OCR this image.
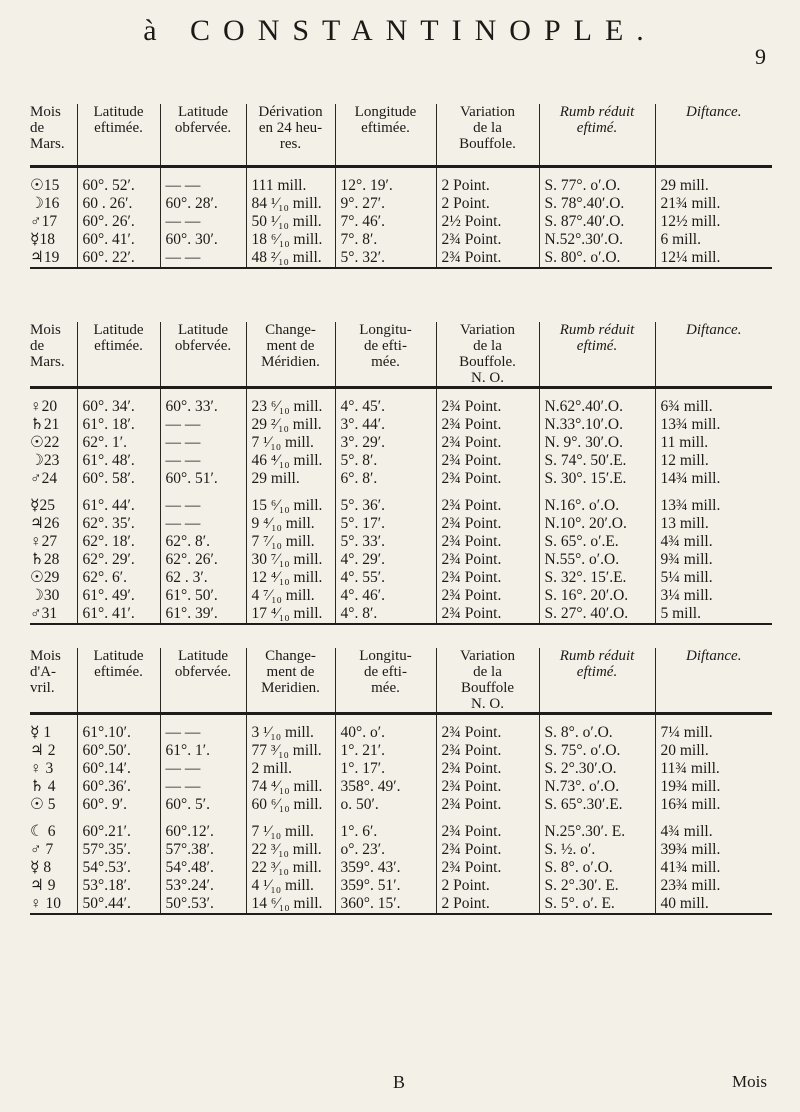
à CONSTANTINOPLE.
9
Mois
de
Mars.	Latitude
eftimée.	Latitude
obfervée.	Dérivation
en 24 heu-
res.	Longitude
eftimée.	Variation
de la
Bouffole.	Rumb réduit
eftimé.	Diftance.

☉15	60°. 52′.	— —	111 mill.	12°. 19′.	2 Point.	S. 77°. o′.O.	29 mill.
☽16	60 . 26′.	60°. 28′.	84 ¹⁄₁₀ mill.	9°. 27′.	2 Point.	S. 78°.40′.O.	21¾ mill.
♂17	60°. 26′.	— —	50 ¹⁄₁₀ mill.	7°. 46′.	2½ Point.	S. 87°.40′.O.	12½ mill.
☿18	60°. 41′.	60°. 30′.	18 ⁶⁄₁₀ mill.	7°. 8′.	2¾ Point.	N.52°.30′.O.	6 mill.
♃19	60°. 22′.	— —	48 ²⁄₁₀ mill.	5°. 32′.	2¾ Point.	S. 80°. o′.O.	12¼ mill.
Mois
de
Mars.	Latitude
eftimée.	Latitude
obfervée.	Change-
ment de
Méridien.	Longitu-
de efti-
mée.	Variation
de la
Bouffole.
N. O.	Rumb réduit
eftimé.	Diftance.

♀20	60°. 34′.	60°. 33′.	23 ⁶⁄₁₀ mill.	4°. 45′.	2¾ Point.	N.62°.40′.O.	6¾ mill.
♄21	61°. 18′.	— —	29 ²⁄₁₀ mill.	3°. 44′.	2¾ Point.	N.33°.10′.O.	13¾ mill.
☉22	62°. 1′.	— —	7 ¹⁄₁₀ mill.	3°. 29′.	2¾ Point.	N. 9°. 30′.O.	11 mill.
☽23	61°. 48′.	— —	46 ⁴⁄₁₀ mill.	5°. 8′.	2¾ Point.	S. 74°. 50′.E.	12 mill.
♂24	60°. 58′.	60°. 51′.	29 mill.	6°. 8′.	2¾ Point.	S. 30°. 15′.E.	14¾ mill.

☿25	61°. 44′.	— —	15 ⁶⁄₁₀ mill.	5°. 36′.	2¾ Point.	N.16°. o′.O.	13¾ mill.
♃26	62°. 35′.	— —	9 ⁴⁄₁₀ mill.	5°. 17′.	2¾ Point.	N.10°. 20′.O.	13 mill.
♀27	62°. 18′.	62°. 8′.	7 ⁷⁄₁₀ mill.	5°. 33′.	2¾ Point.	S. 65°. o′.E.	4¾ mill.
♄28	62°. 29′.	62°. 26′.	30 ⁷⁄₁₀ mill.	4°. 29′.	2¾ Point.	N.55°. o′.O.	9¾ mill.
☉29	62°. 6′.	62 . 3′.	12 ⁴⁄₁₀ mill.	4°. 55′.	2¾ Point.	S. 32°. 15′.E.	5¼ mill.
☽30	61°. 49′.	61°. 50′.	4 ⁷⁄₁₀ mill.	4°. 46′.	2¾ Point.	S. 16°. 20′.O.	3¼ mill.
♂31	61°. 41′.	61°. 39′.	17 ⁴⁄₁₀ mill.	4°. 8′.	2¾ Point.	S. 27°. 40′.O.	5 mill.
Mois
d'A-
vril.	Latitude
eftimée.	Latitude
obfervée.	Change-
ment de
Meridien.	Longitu-
de efti-
mée.	Variation
de la
Bouffole
N. O.	Rumb réduit
eftimé.	Diftance.

☿ 1	61°.10′.	— —	3 ¹⁄₁₀ mill.	40°. o′.	2¾ Point.	S. 8°. o′.O.	7¼ mill.
♃ 2	60°.50′.	61°. 1′.	77 ³⁄₁₀ mill.	1°. 21′.	2¾ Point.	S. 75°. o′.O.	20 mill.
♀ 3	60°.14′.	— —	2 mill.	1°. 17′.	2¾ Point.	S. 2°.30′.O.	11¾ mill.
♄ 4	60°.36′.	— —	74 ⁴⁄₁₀ mill.	358°. 49′.	2¾ Point.	N.73°. o′.O.	19¾ mill.
☉ 5	60°. 9′.	60°. 5′.	60 ⁶⁄₁₀ mill.	o. 50′.	2¾ Point.	S. 65°.30′.E.	16¾ mill.

☾ 6	60°.21′.	60°.12′.	7 ¹⁄₁₀ mill.	1°. 6′.	2¾ Point.	N.25°.30′. E.	4¾ mill.
♂ 7	57°.35′.	57°.38′.	22 ³⁄₁₀ mill.	o°. 23′.	2¾ Point.	S. ½. o′.	39¾ mill.
☿ 8	54°.53′.	54°.48′.	22 ³⁄₁₀ mill.	359°. 43′.	2¾ Point.	S. 8°. o′.O.	41¾ mill.
♃ 9	53°.18′.	53°.24′.	4 ¹⁄₁₀ mill.	359°. 51′.	2 Point.	S. 2°.30′. E.	23¾ mill.
♀ 10	50°.44′.	50°.53′.	14 ⁶⁄₁₀ mill.	360°. 15′.	2 Point.	S. 5°. o′. E.	40 mill.
B	Mois
